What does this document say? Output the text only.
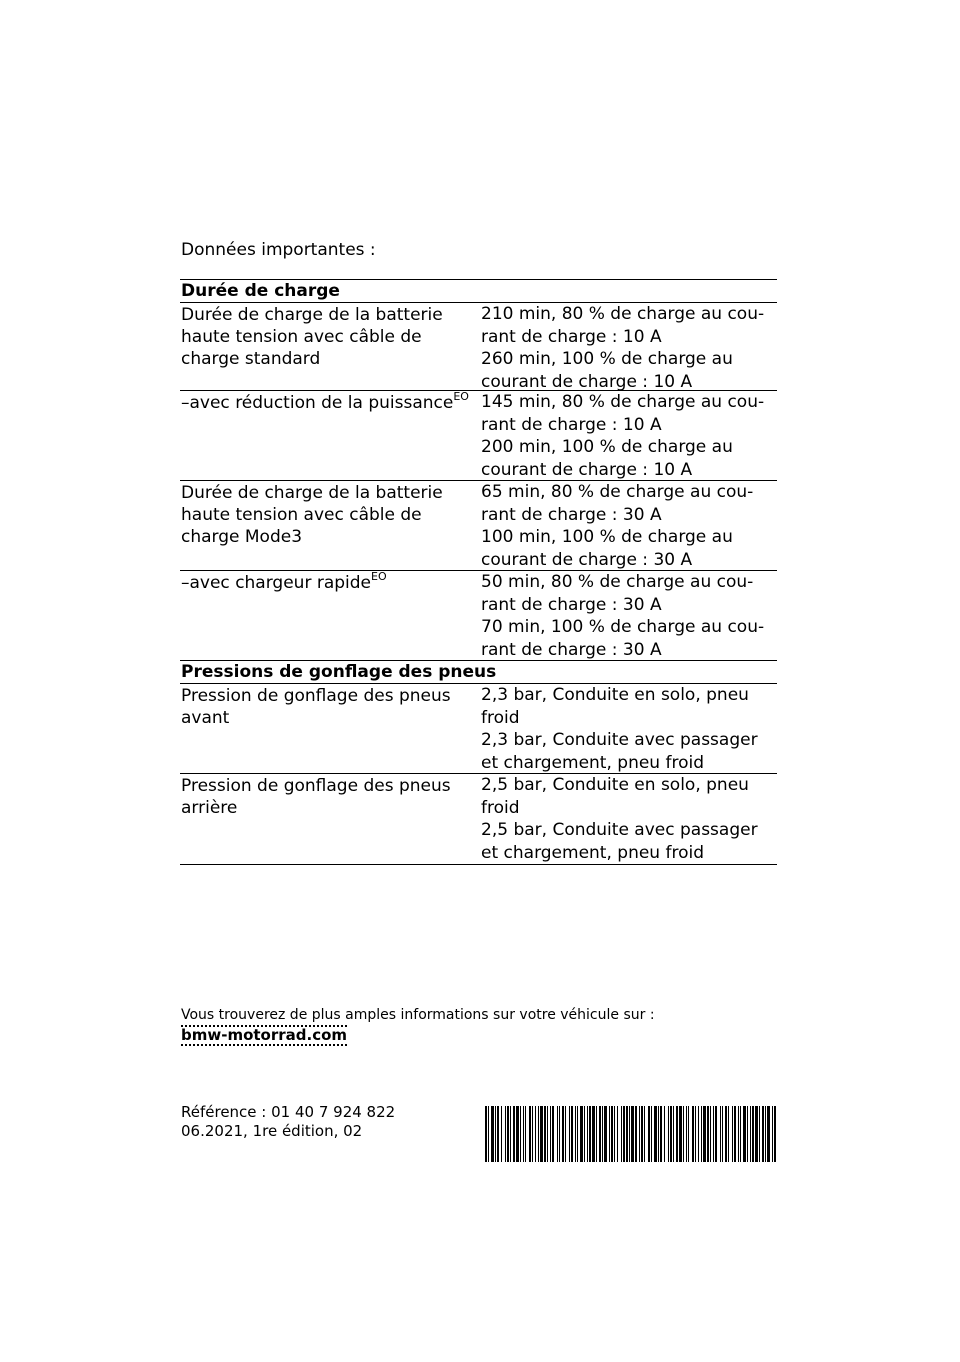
Données importantes :

Durée de charge
Durée de charge de la batterie haute tension avec câble de charge standard
210 min, 80 % de charge au cou-
rant de charge : 10 A
260 min, 100 % de charge au
courant de charge : 10 A
–avec réduction de la puissance$^{EO}$ 145 min, 80 % de charge au cou-
rant de charge : 10 A
200 min, 100 % de charge au
courant de charge : 10 A
Durée de charge de la batterie haute tension avec câble de charge Mode3
65 min, 80 % de charge au cou-
rant de charge : 30 A
100 min, 100 % de charge au
courant de charge : 30 A
–avec chargeur rapide$^{EO}$	50 min, 80 % de charge au cou-
rant de charge : 30 A
70 min, 100 % de charge au cou-
rant de charge : 30 A
Pressions de gonflage des pneus
Pression de gonflage des pneus avant
2,3 bar, Conduite en solo, pneu
froid
2,3 bar, Conduite avec passager
et chargement, pneu froid
Pression de gonflage des pneus arrière
2,5 bar, Conduite en solo, pneu
froid
2,5 bar, Conduite avec passager
et chargement, pneu froid

Vous trouverez de plus amples informations sur votre véhicule sur :

bmw-motorrad.com
Référence : 01 40 7 924 822
06.2021, 1re édition, 02
